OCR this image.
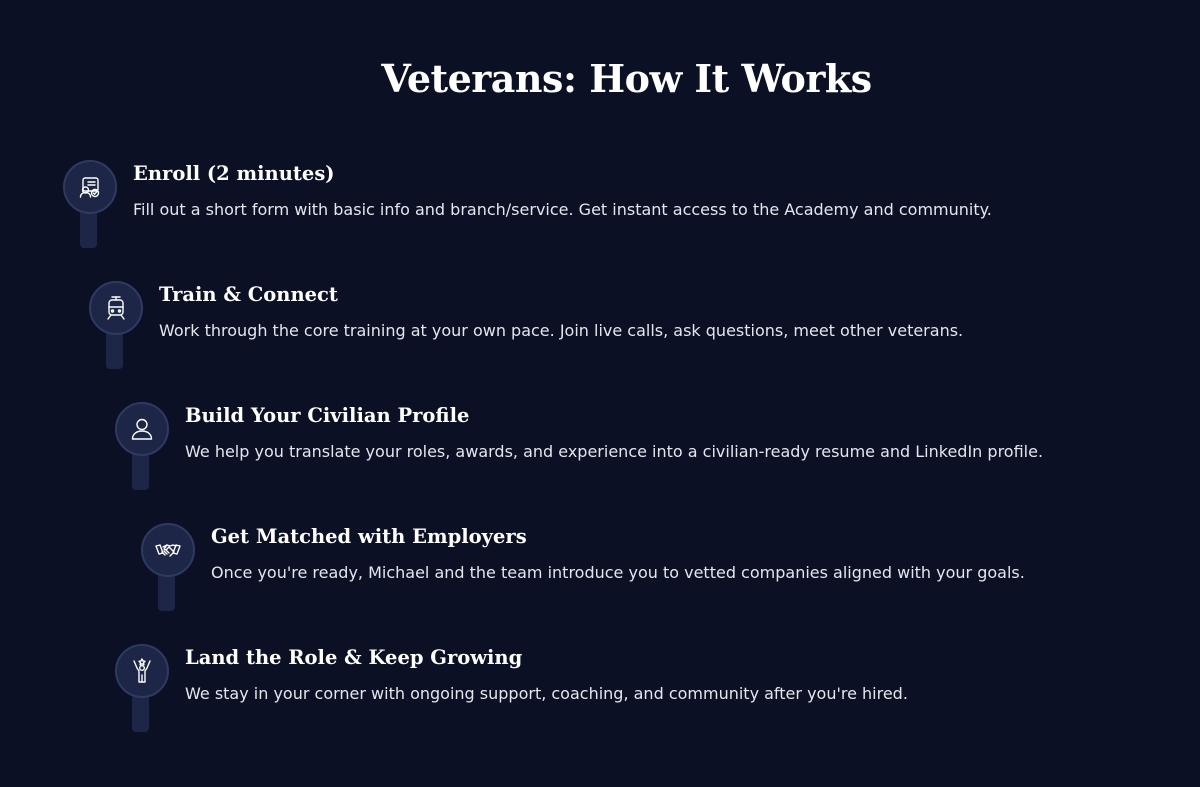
Veterans: How It Works
Enroll (2 minutes)

Fill out a short form with basic info and branch/service. Get instant access to the Academy and community.

Train & Connect

Work through the core training at your own pace. Join live calls, ask questions, meet other veterans.

Build Your Civilian Profile

We help you translate your roles, awards, and experience into a civilian-ready resume and LinkedIn profile.

Get Matched with Employers

Once you're ready, Michael and the team introduce you to vetted companies aligned with your goals.

Land the Role & Keep Growing

We stay in your corner with ongoing support, coaching, and community after you're hired.
